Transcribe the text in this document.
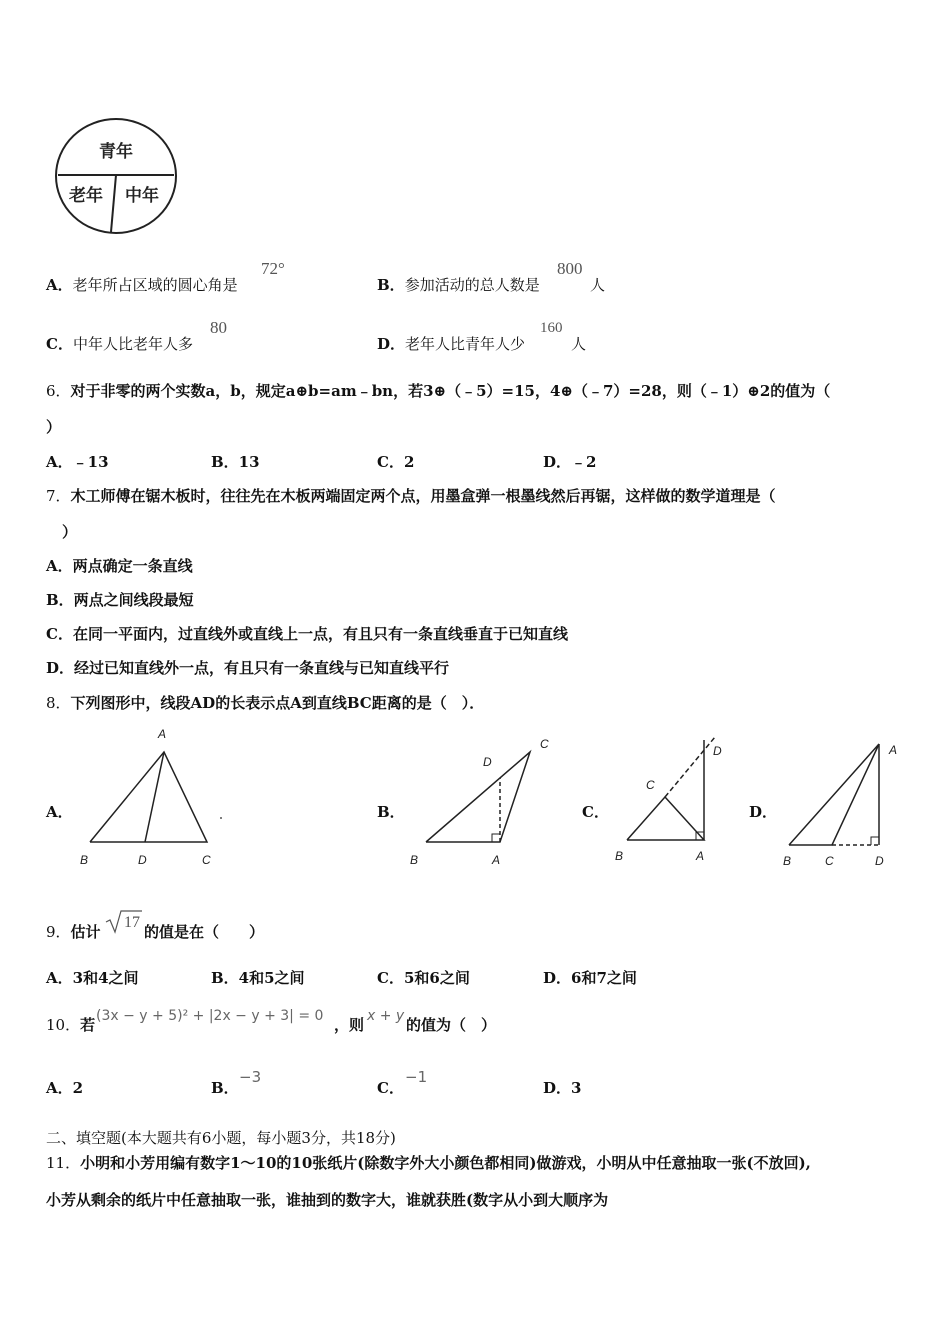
青年
老年 中年
A．老年所占区域的圆心角是
72°
B．参加活动的总人数是
800
人
C．中年人比老年人多
80
D．老年人比青年人少
160
人
6．对于非零的两个实数a，b，规定a⊕b=am﹣bn，若3⊕（﹣5）=15，4⊕（﹣7）=28，则（﹣1）⊕2的值为（
）
A．﹣13	B．13	C．2	D．﹣2
7．木工师傅在锯木板时，往往先在木板两端固定两个点，用墨盒弹一根墨线然后再锯，这样做的数学道理是（
）
A．两点确定一条直线
B．两点之间线段最短
C．在同一平面内，过直线外或直线上一点，有且只有一条直线垂直于已知直线
D．经过已知直线外一点，有且只有一条直线与已知直线平行
8．下列图形中，线段AD的长表示点A到直线BC距离的是（　）．
A．
A
B	D	C
B．
D
C
B	A
C．
C
D
B	A
D．
A
B	C	D
9．估计
17
的值是在（　　）
A．3和4之间	B．4和5之间	C．5和6之间	D．6和7之间
10．若 (3x − y + 5)² + |2x − y + 3| = 0 ，则 x + y 的值为（　）
A．2	B．
−3
C．
−1
D．3
二、填空题(本大题共有6小题，每小题3分，共18分)
11．小明和小芳用编有数字1～10的10张纸片(除数字外大小颜色都相同)做游戏，小明从中任意抽取一张(不放回),
小芳从剩余的纸片中任意抽取一张，谁抽到的数字大，谁就获胜(数字从小到大顺序为
